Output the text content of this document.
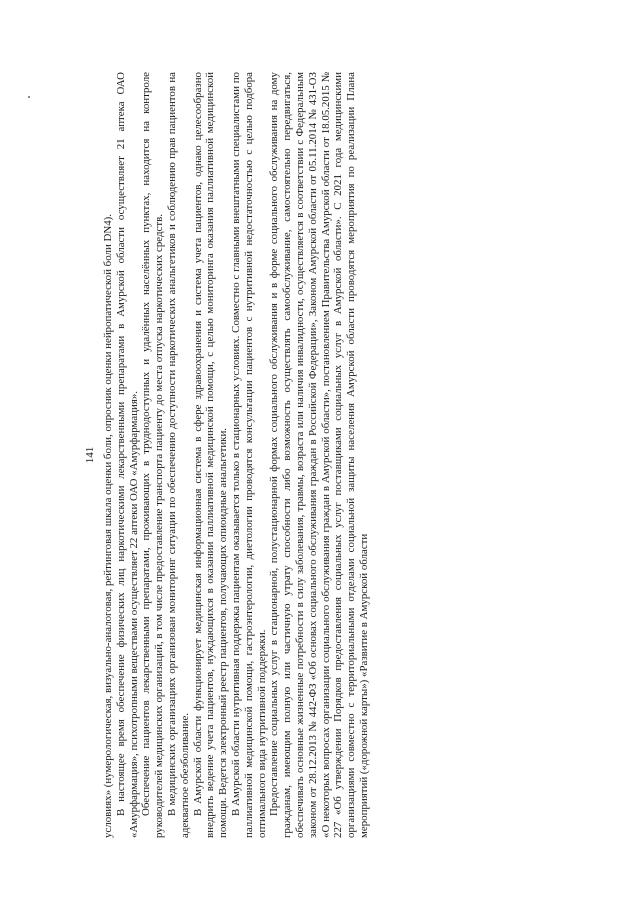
141 условиях» (нумерологическая, визуально-аналоговая, рейтинговая шкала оценки боли, опросник оценки нейропатической боли DN4). В настоящее время обеспечение физических лиц наркотическими лекарственными препаратами в Амурской области осуществляет 21 аптека ОАО «Амурфармация», психотропными веществами осуществляет 22 аптеки ОАО «Амурфармация». Обеспечение пациентов лекарственными препаратами, проживающих в труднодоступных и удалённых населённых пунктах, находится на контроле руководителей медицинских организаций, в том числе предоставление транспорта пациенту до места отпуска наркотических средств. В медицинских организациях организован мониторинг ситуации по обеспечению доступности наркотических анальгетиков и соблюдению прав пациентов на адекватное обезболивание. В Амурской области функционирует медицинская информационная система в сфере здравоохранения и система учета пациентов, однако целесообразно внедрить ведение учета пациентов, нуждающихся в оказании паллиативной медицинской помощи, с целью мониторинга оказания паллиативной медицинской помощи. Ведется электронный реестр пациентов, получающих опиоидные анальгетики. В Амурской области нутритивная поддержка пациентам оказывается только в стационарных условиях. Совместно с главными внештатными специалистами по паллиативной медицинской помощи, гастроэнтерологии, диетологии проводятся консультации пациентов с нутритивной недостаточностью с целью подбора оптимального вида нутритивной поддержки. Предоставление социальных услуг в стационарной, полустационарной формах социального обслуживания и в форме социального обслуживания на дому гражданам, имеющим полную или частичную утрату способности либо возможность осуществлять самообслуживание, самостоятельно передвигаться, обеспечивать основные жизненные потребности в силу заболевания, травмы, возраста или наличия инвалидности, осуществляется в соответствии с Федеральным законом от 28.12.2013 № 442-ФЗ «Об основах социального обслуживания граждан в Российской Федерации», Законом Амурской области от 05.11.2014 № 431-ОЗ «О некоторых вопросах организации социального обслуживания граждан в Амурской области», постановлением Правительства Амурской области от 18.05.2015 № 227 «Об утверждении Порядков предоставления социальных услуг поставщиками социальных услуг в Амурской области». С 2021 года медицинскими организациями совместно с территориальными отделами социальной защиты населения Амурской области проводятся мероприятия по реализации Плана мероприятий («дорожной карты») «Развитие в Амурской области
